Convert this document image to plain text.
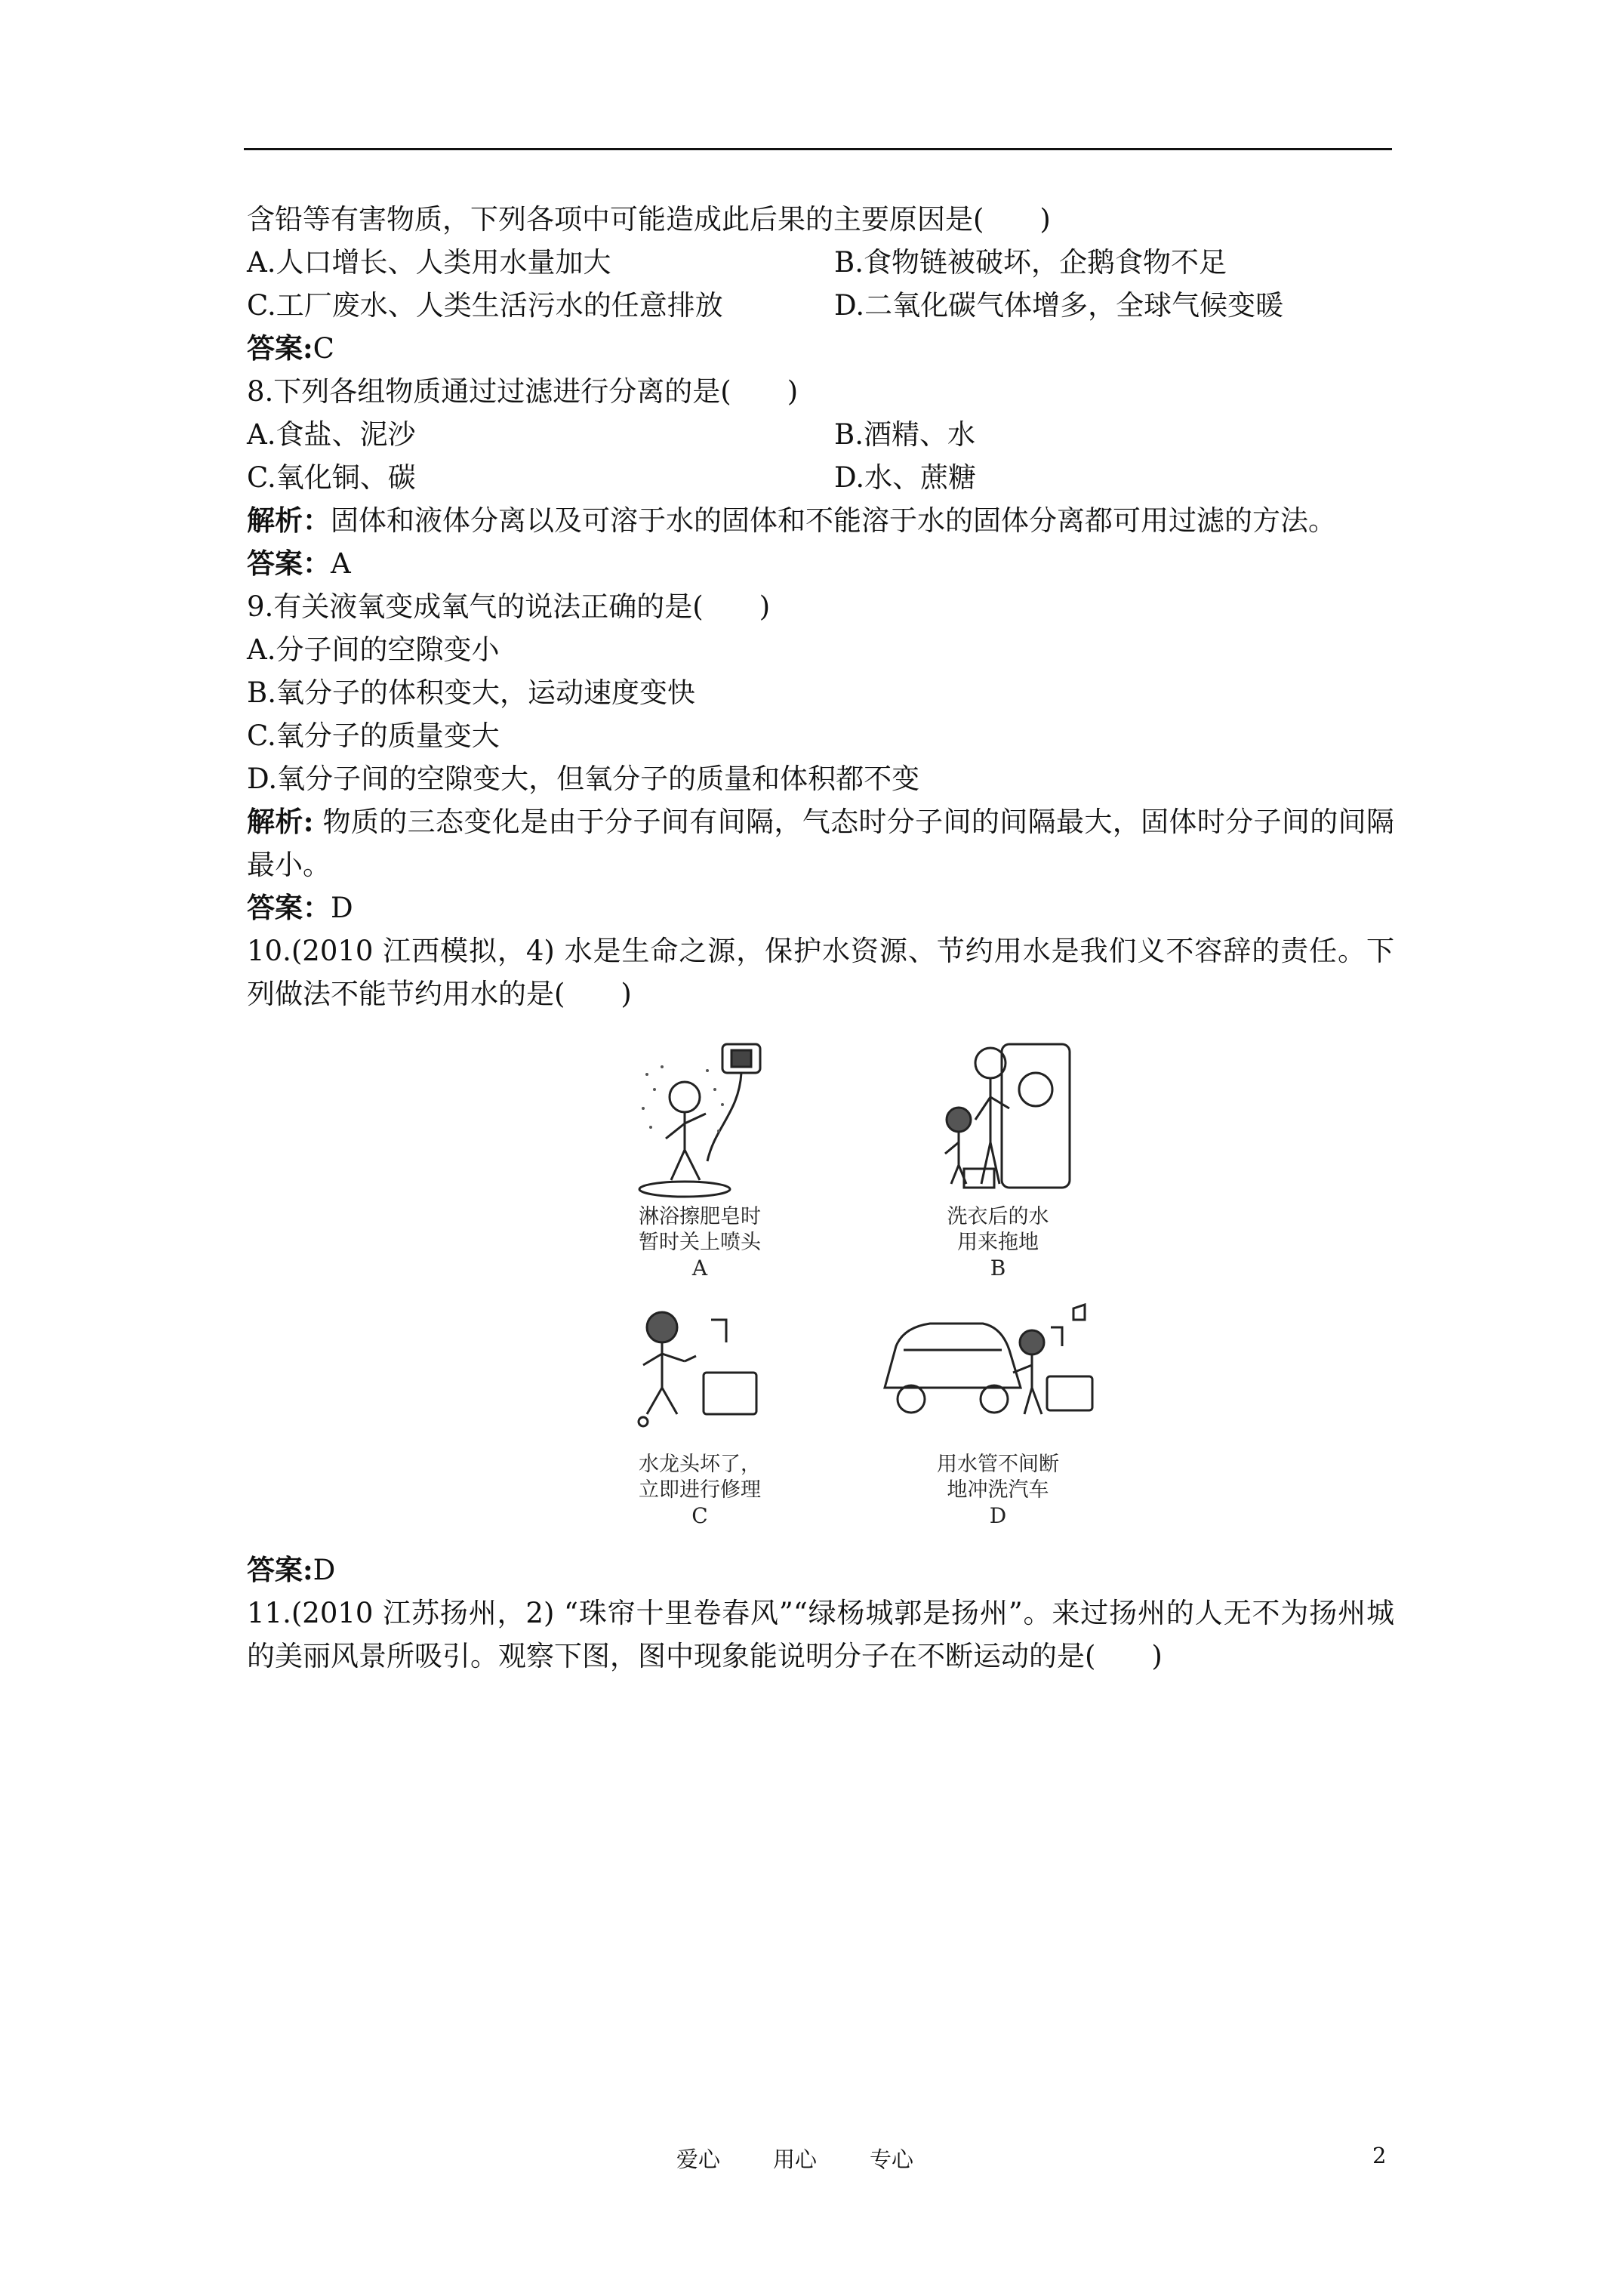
含铅等有害物质，下列各项中可能造成此后果的主要原因是(　　)
A.人口增长、人类用水量加大	B.食物链被破坏，企鹅食物不足
C.工厂废水、人类生活污水的任意排放	D.二氧化碳气体增多，全球气候变暖
答案:C
8.下列各组物质通过过滤进行分离的是(　　)
A.食盐、泥沙	B.酒精、水
C.氧化铜、碳	D.水、蔗糖
解析：固体和液体分离以及可溶于水的固体和不能溶于水的固体分离都可用过滤的方法。
答案：A
9.有关液氧变成氧气的说法正确的是(　　)
A.分子间的空隙变小
B.氧分子的体积变大，运动速度变快
C.氧分子的质量变大
D.氧分子间的空隙变大，但氧分子的质量和体积都不变
解析: 物质的三态变化是由于分子间有间隔，气态时分子间的间隔最大，固体时分子间的间隔最小。
答案：D
10.(2010 江西模拟，4) 水是生命之源，保护水资源、节约用水是我们义不容辞的责任。下列做法不能节约用水的是(　　)
淋浴擦肥皂时
暂时关上喷头
A
洗衣后的水
用来拖地
B
水龙头坏了，
立即进行修理
C
用水管不间断
地冲洗汽车
D
答案:D
11.(2010 江苏扬州，2) “珠帘十里卷春风”“绿杨城郭是扬州”。来过扬州的人无不为扬州城的美丽风景所吸引。观察下图，图中现象能说明分子在不断运动的是(　　)
爱心 用心 专心	2
